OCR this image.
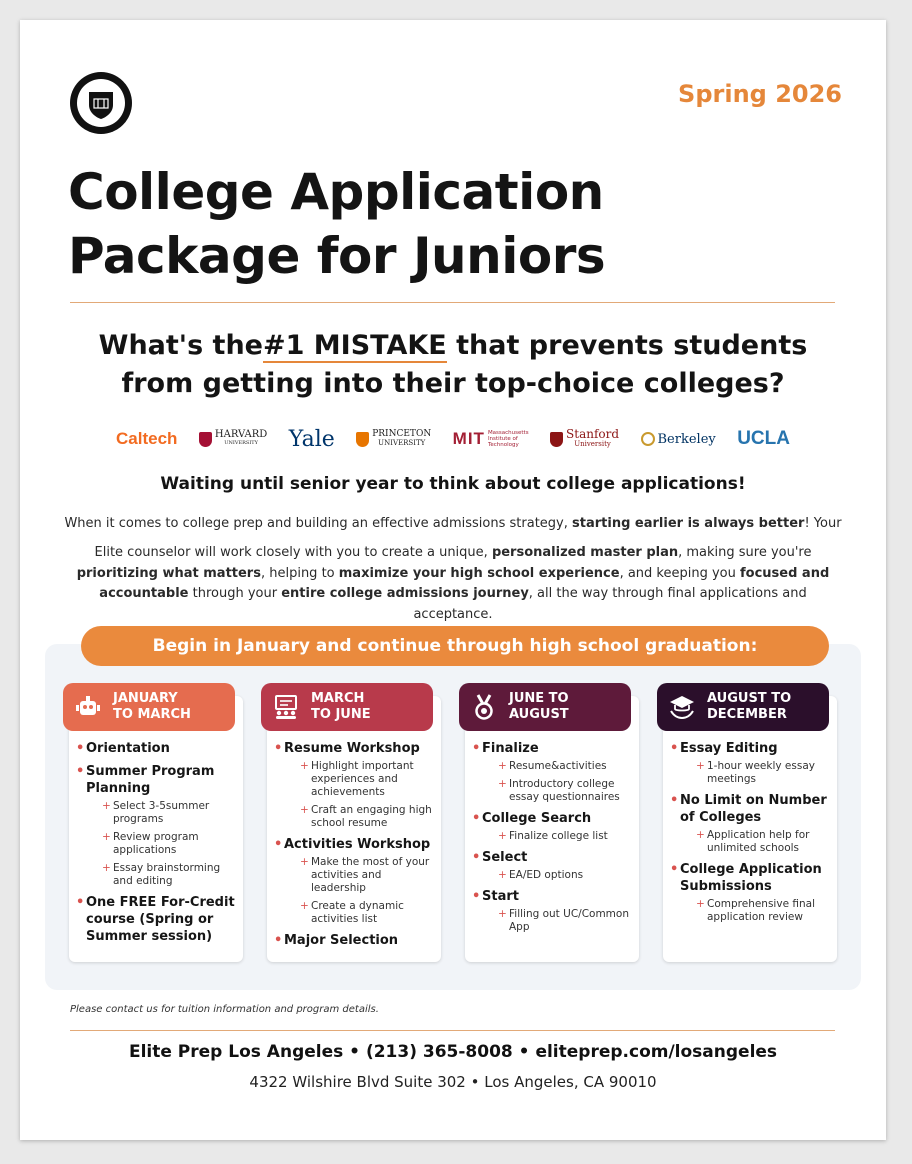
Spring 2026
College Application
Package for Juniors
What's the#1 MISTAKE that prevents students
from getting into their top-choice colleges?
Caltech	HARVARD
UNIVERSITY Yale	PRINCETON
UNIVERSITY MIT Massachusetts
Institute of
Technology
Stanford
University	Berkeley UCLA

Waiting until senior year to think about college applications!

When it comes to college prep and building an effective admissions strategy, starting earlier is always better! Your

Elite counselor will work closely with you to create a unique, personalized master plan, making sure you're prioritizing what matters, helping to maximize your high school experience, and keeping you focused and accountable through your entire college admissions journey, all the way through final applications and acceptance.

Begin in January and continue through high school graduation:
JANUARY
TO MARCH
• Orientation
• Summer Program Planning
+ Select 3-5summer programs
+ Review program applications
+ Essay brainstorming and editing
• One FREE For-Credit course (Spring or Summer session)
MARCH
TO JUNE
• Resume Workshop
+ Highlight important experiences and achievements
+ Craft an engaging high school resume
• Activities Workshop
+ Make the most of your activities and leadership
+ Create a dynamic activities list
• Major Selection
JUNE TO
AUGUST
• Finalize
+ Resume&activities
+ Introductory college essay questionnaires
• College Search
+ Finalize college list
• Select
+ EA/ED options
• Start
+ Filling out UC/Common App
AUGUST TO
DECEMBER
• Essay Editing
+ 1-hour weekly essay meetings
• No Limit on Number of Colleges
+ Application help for unlimited schools
• College Application Submissions
+ Comprehensive final application review

Please contact us for tuition information and program details.

Elite Prep Los Angeles • (213) 365-8008 • eliteprep.com/losangeles

4322 Wilshire Blvd Suite 302 • Los Angeles, CA 90010
